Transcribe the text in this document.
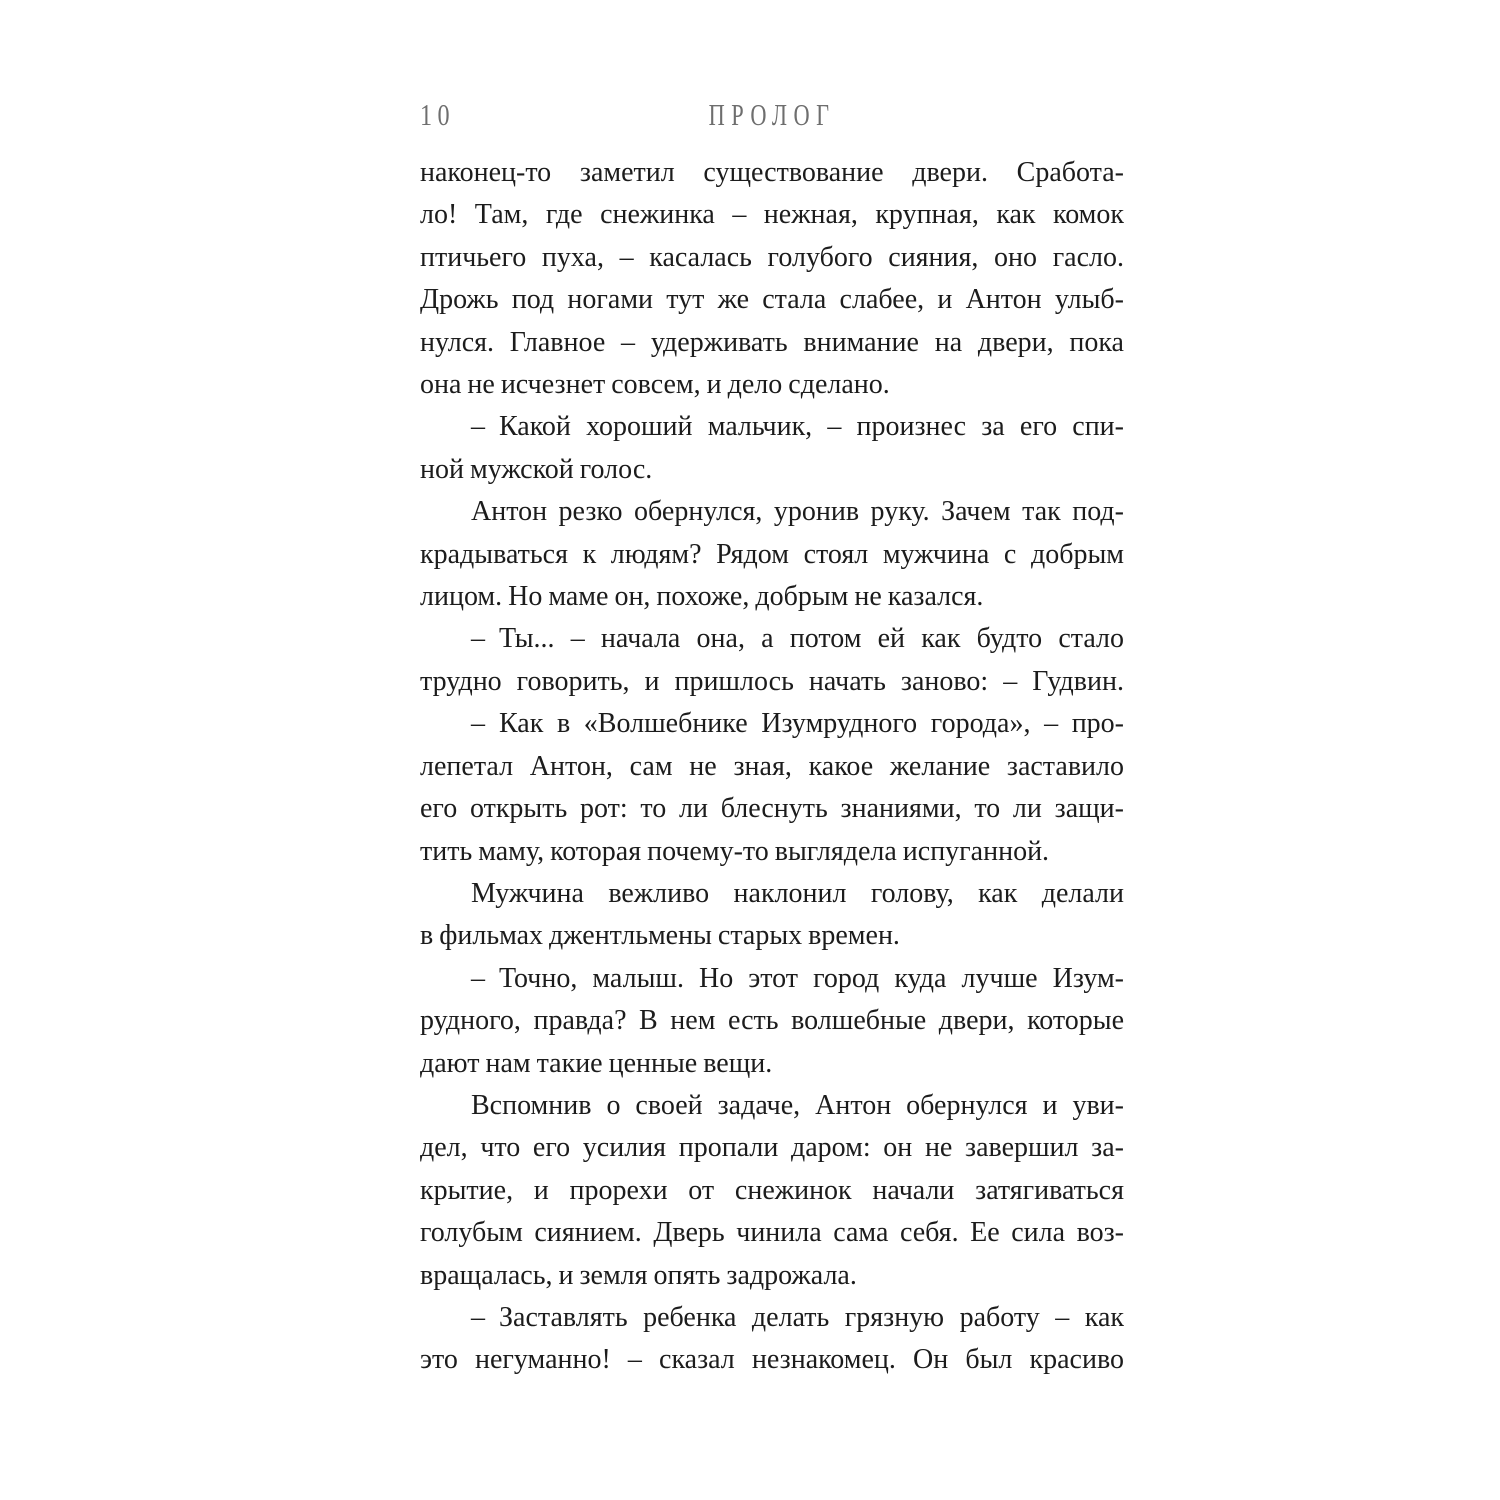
10	ПРОЛОГ
наконец-то заметил существование двери. Сработа-
ло! Там, где снежинка – нежная, крупная, как комок
птичьего пуха, – касалась голубого сияния, оно гасло.
Дрожь под ногами тут же стала слабее, и Антон улыб-
нулся. Главное – удерживать внимание на двери, пока
она не исчезнет совсем, и дело сделано.
– Какой хороший мальчик, – произнес за его спи-
ной мужской голос.
Антон резко обернулся, уронив руку. Зачем так под-
крадываться к людям? Рядом стоял мужчина с добрым
лицом. Но маме он, похоже, добрым не казался.
– Ты... – начала она, а потом ей как будто стало
трудно говорить, и пришлось начать заново: – Гудвин.
– Как в «Волшебнике Изумрудного города», – про-
лепетал Антон, сам не зная, какое желание заставило
его открыть рот: то ли блеснуть знаниями, то ли защи-
тить маму, которая почему-то выглядела испуганной.
Мужчина вежливо наклонил голову, как делали
в фильмах джентльмены старых времен.
– Точно, малыш. Но этот город куда лучше Изум-
рудного, правда? В нем есть волшебные двери, которые
дают нам такие ценные вещи.
Вспомнив о своей задаче, Антон обернулся и уви-
дел, что его усилия пропали даром: он не завершил за-
крытие, и прорехи от снежинок начали затягиваться
голубым сиянием. Дверь чинила сама себя. Ее сила воз-
вращалась, и земля опять задрожала.
– Заставлять ребенка делать грязную работу – как
это негуманно! – сказал незнакомец. Он был красиво
